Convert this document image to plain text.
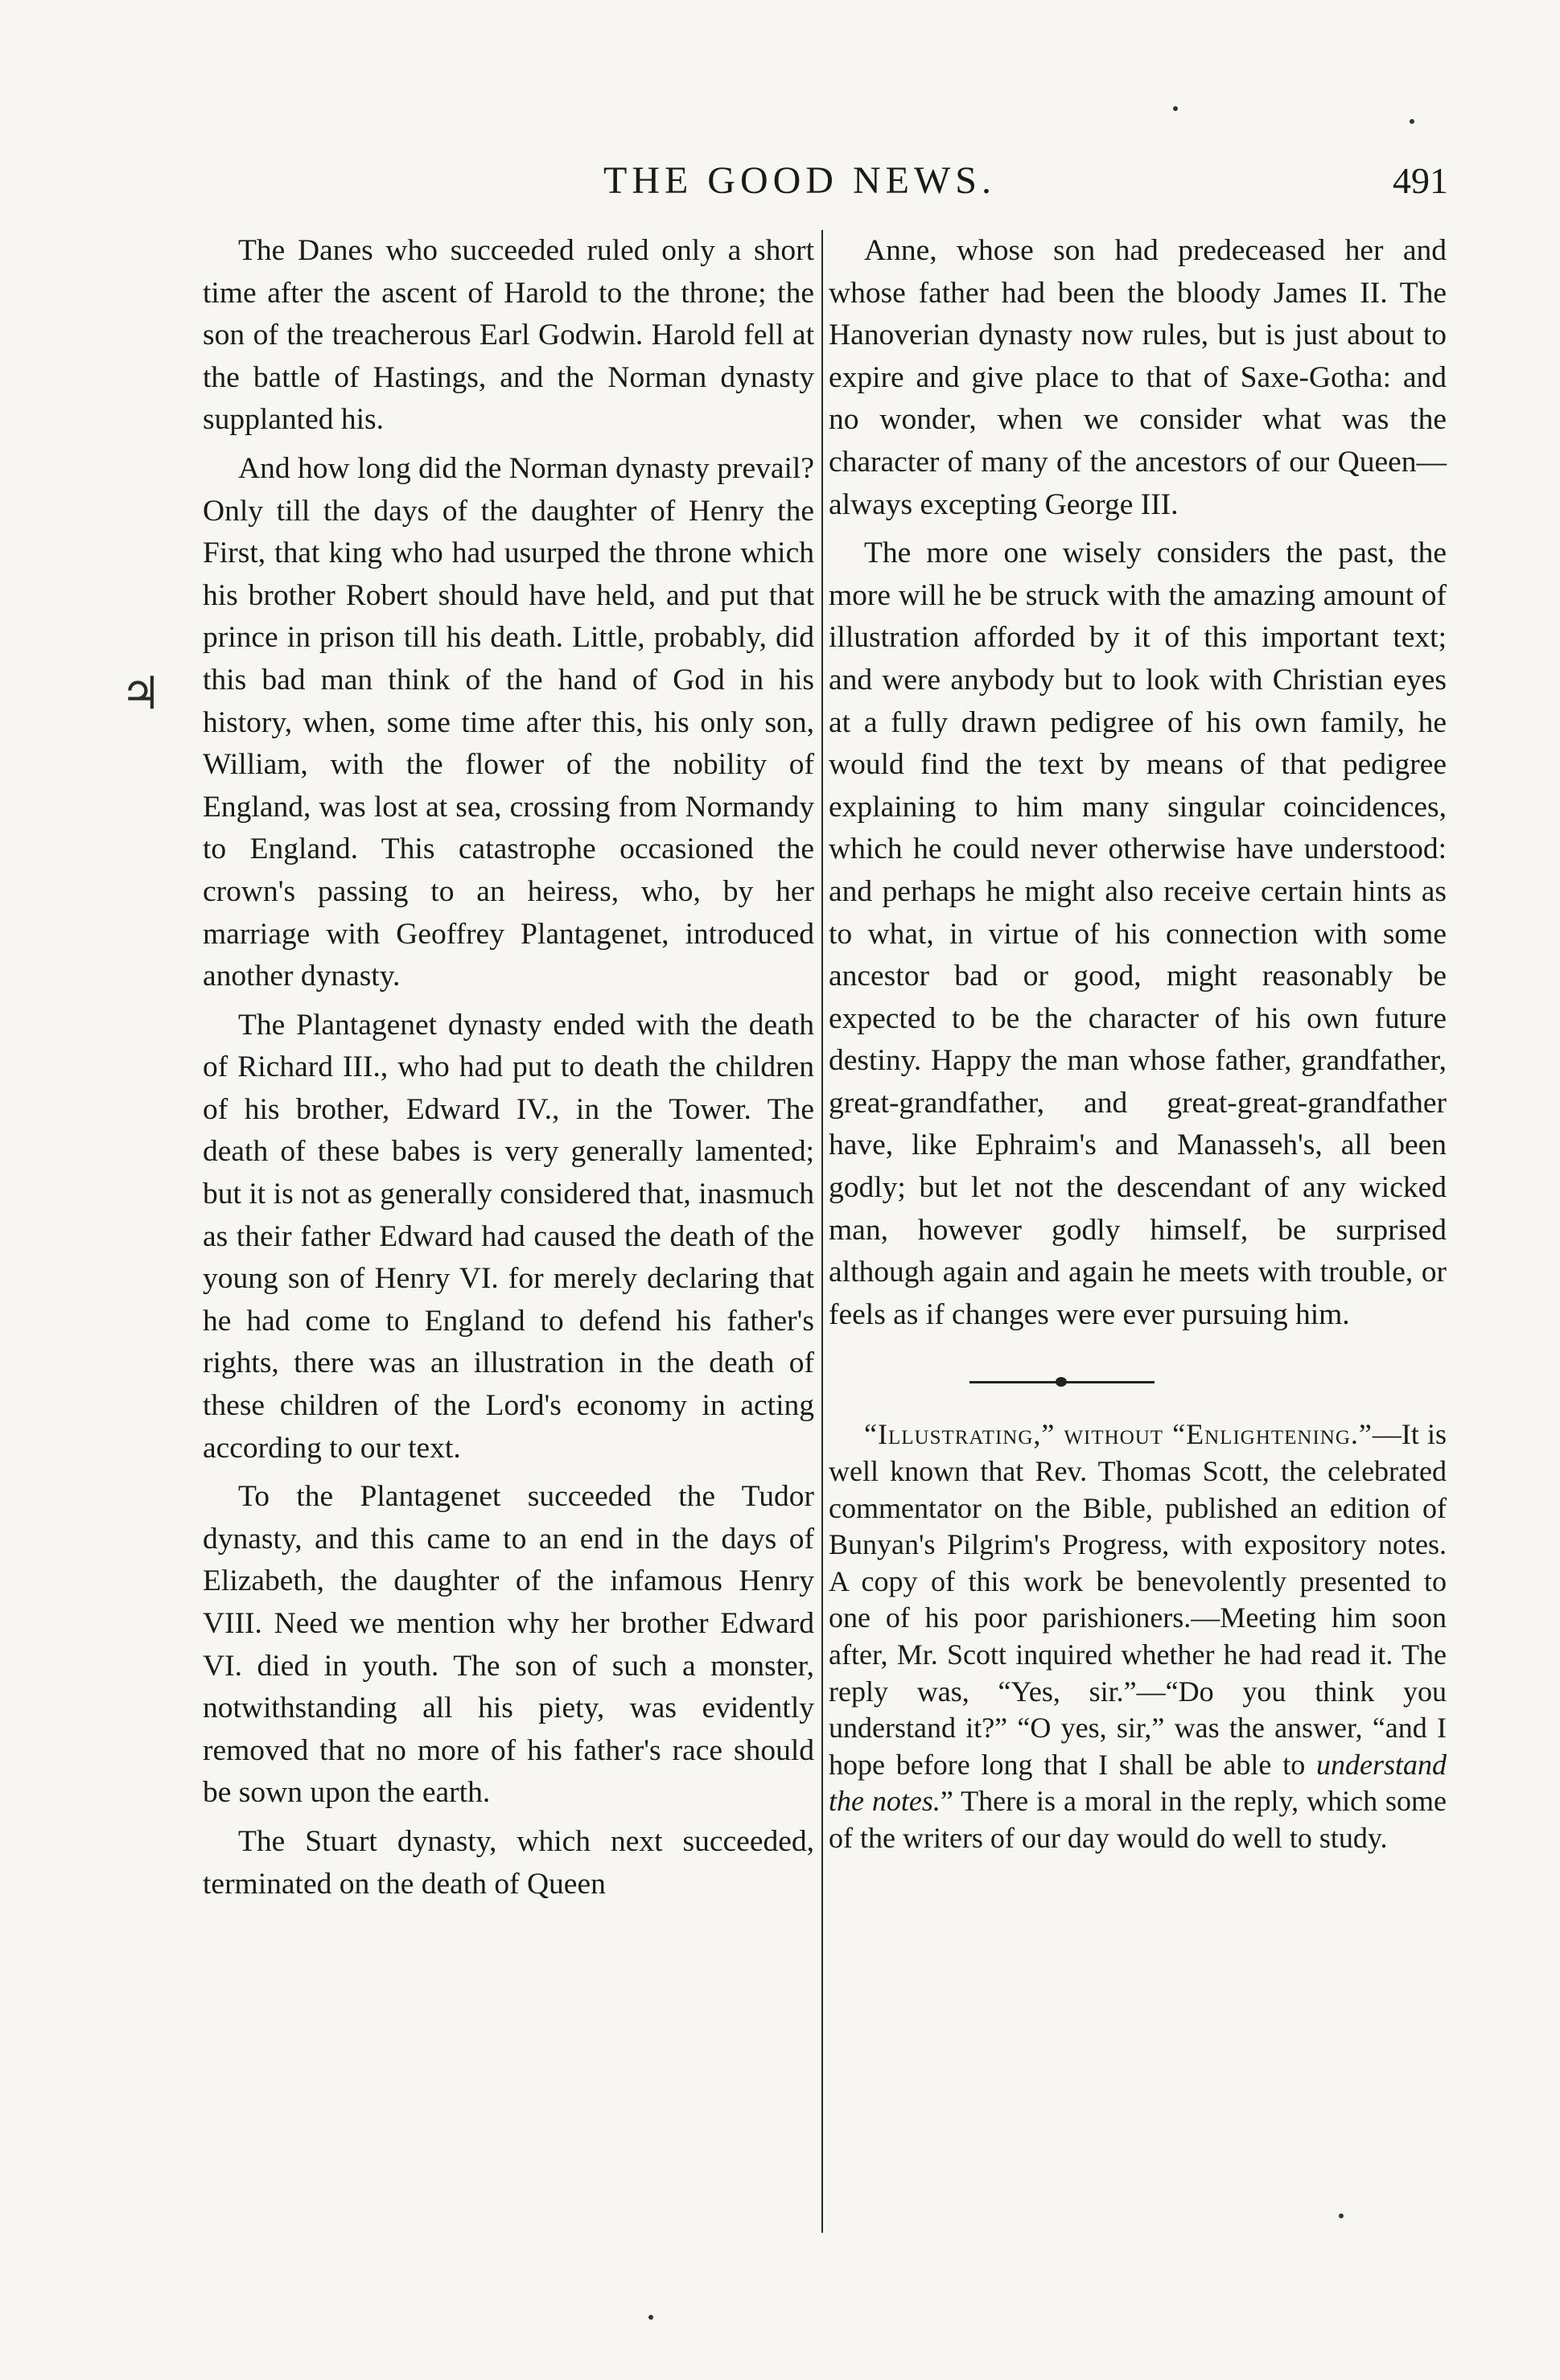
THE GOOD NEWS.	491
♃

The Danes who succeeded ruled only a short time after the ascent of Harold to the throne; the son of the treacherous Earl Godwin. Harold fell at the battle of Hastings, and the Norman dynasty supplanted his.

And how long did the Norman dynasty prevail? Only till the days of the daughter of Henry the First, that king who had usurped the throne which his brother Robert should have held, and put that prince in prison till his death. Little, probably, did this bad man think of the hand of God in his history, when, some time after this, his only son, William, with the flower of the nobility of England, was lost at sea, crossing from Normandy to England. This catastrophe occasioned the crown's passing to an heiress, who, by her marriage with Geoffrey Plantagenet, introduced another dynasty.

The Plantagenet dynasty ended with the death of Richard III., who had put to death the children of his brother, Edward IV., in the Tower. The death of these babes is very generally lamented; but it is not as generally considered that, inasmuch as their father Edward had caused the death of the young son of Henry VI. for merely declaring that he had come to England to defend his father's rights, there was an illustration in the death of these children of the Lord's economy in acting according to our text.

To the Plantagenet succeeded the Tudor dynasty, and this came to an end in the days of Elizabeth, the daughter of the infamous Henry VIII. Need we mention why her brother Edward VI. died in youth. The son of such a monster, notwithstanding all his piety, was evidently removed that no more of his father's race should be sown upon the earth.

The Stuart dynasty, which next succeeded, terminated on the death of Queen

Anne, whose son had predeceased her and whose father had been the bloody James II. The Hanoverian dynasty now rules, but is just about to expire and give place to that of Saxe-Gotha: and no wonder, when we consider what was the character of many of the ancestors of our Queen—always excepting George III.

The more one wisely considers the past, the more will he be struck with the amazing amount of illustration afforded by it of this important text; and were anybody but to look with Christian eyes at a fully drawn pedigree of his own family, he would find the text by means of that pedigree explaining to him many singular coincidences, which he could never otherwise have understood: and perhaps he might also receive certain hints as to what, in virtue of his connection with some ancestor bad or good, might reasonably be expected to be the character of his own future destiny. Happy the man whose father, grandfather, great-grandfather, and great-great-grandfather have, like Ephraim's and Manasseh's, all been godly; but let not the descendant of any wicked man, however godly himself, be surprised although again and again he meets with trouble, or feels as if changes were ever pursuing him.

“Illustrating,” without “Enlightening.”—It is well known that Rev. Thomas Scott, the celebrated commentator on the Bible, published an edition of Bunyan's Pilgrim's Progress, with expository notes. A copy of this work be benevolently presented to one of his poor parishioners.—Meeting him soon after, Mr. Scott inquired whether he had read it. The reply was, “Yes, sir.”—“Do you think you understand it?” “O yes, sir,” was the answer, “and I hope before long that I shall be able to understand the notes.” There is a moral in the reply, which some of the writers of our day would do well to study.
